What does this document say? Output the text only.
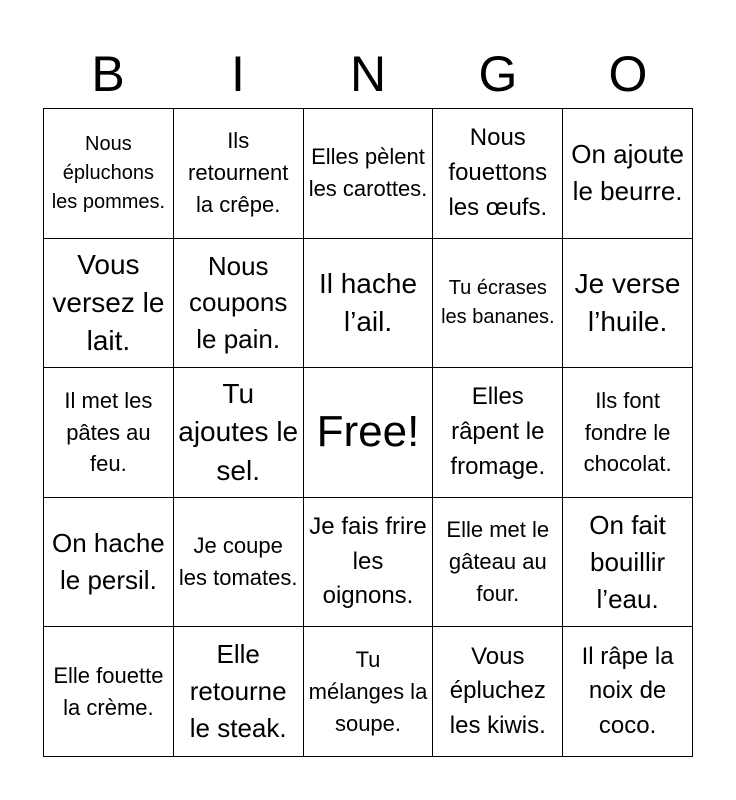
B	I	N	G	O
Nous épluchons les pommes.
Ils retournent la crêpe.
Elles pèlent les carottes.
Nous fouettons les œufs.
On ajoute le beurre.
Vous versez le lait.
Nous coupons le pain.
Il hache l’ail.
Tu écrases les bananes.
Je verse l’huile.
Il met les pâtes au feu.
Tu ajoutes le sel.
Free!
Elles râpent le fromage.
Ils font fondre le chocolat.
On hache le persil.
Je coupe les tomates.
Je fais frire les oignons.
Elle met le gâteau au four.
On fait bouillir l’eau.
Elle fouette la crème.
Elle retourne le steak.
Tu mélanges la soupe.
Vous épluchez les kiwis.
Il râpe la noix de coco.
